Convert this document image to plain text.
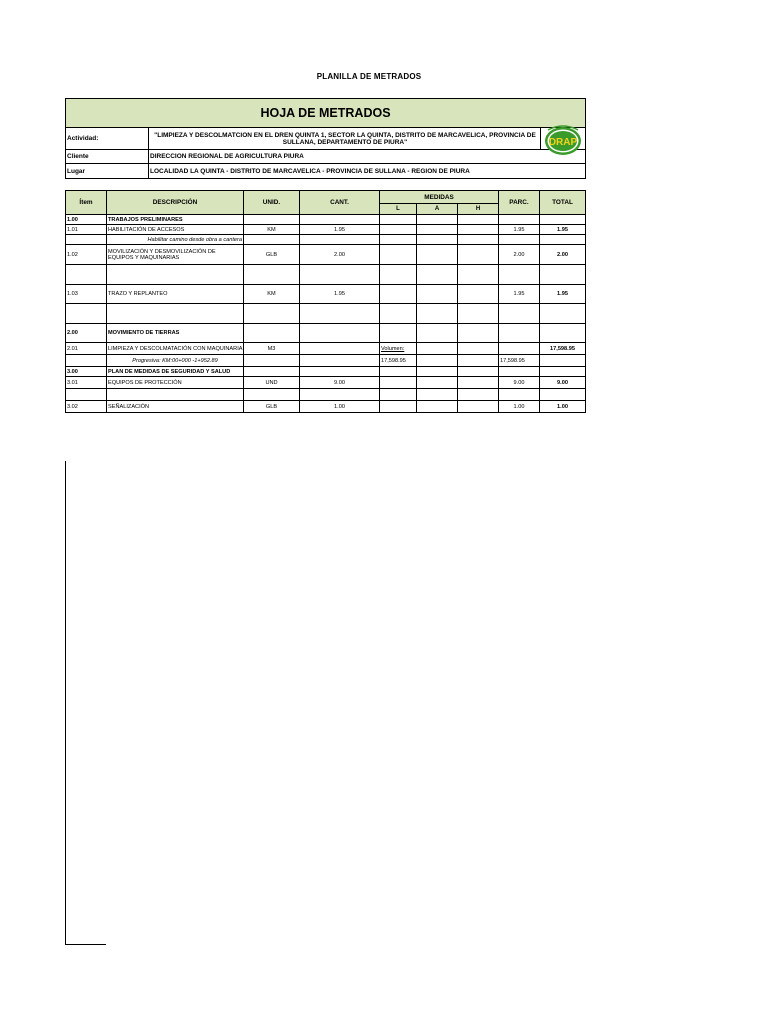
PLANILLA DE METRADOS
HOJA DE METRADOS
Actividad:	"LIMPIEZA Y DESCOLMATCION EN EL DREN QUINTA 1, SECTOR LA QUINTA, DISTRITO DE MARCAVELICA, PROVINCIA DE SULLANA, DEPARTAMENTO DE PIURA"	DRAP
Cliente	DIRECCION REGIONAL DE AGRICULTURA PIURA
Lugar	LOCALIDAD LA QUINTA - DISTRITO DE MARCAVELICA - PROVINCIA DE SULLANA - REGION DE PIURA
Ítem	DESCRIPCIÓN	UNID.	CANT.	MEDIDAS			PARC.	TOTAL
				L	A	H		
1.00	TRABAJOS PRELIMINARES							
1.01	HABILITACIÓN DE ACCESOS	KM	1.95				1.95	1.95
	Habilitar camino desde obra a cantera							
1.02	MOVILIZACIÓN Y DESMOVILIZACIÓN DE EQUIPOS Y MAQUINARIAS	GLB	2.00				2.00	2.00

1.03	TRAZO Y REPLANTEO	KM	1.95				1.95	1.95

2.00	MOVIMIENTO DE TIERRAS							
2.01	LIMPIEZA Y DESCOLMATACIÓN CON MAQUINARIA	M3		Volumen:				17,598.95
	Progresiva: KM:00+000 -1+952.89			17,598.95			17,598.95	
3.00	PLAN DE MEDIDAS DE SEGURIDAD Y SALUD							
3.01	EQUIPOS DE PROTECCIÓN	UND	9.00				9.00	9.00

3.02	SEÑALIZACIÓN	GLB	1.00				1.00	1.00
